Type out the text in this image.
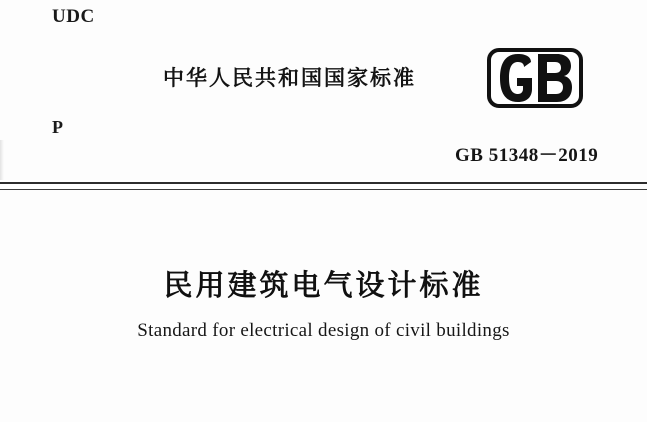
UDC
P
中华人民共和国国家标准
GB 51348－2019
民用建筑电气设计标准
Standard for electrical design of civil buildings
